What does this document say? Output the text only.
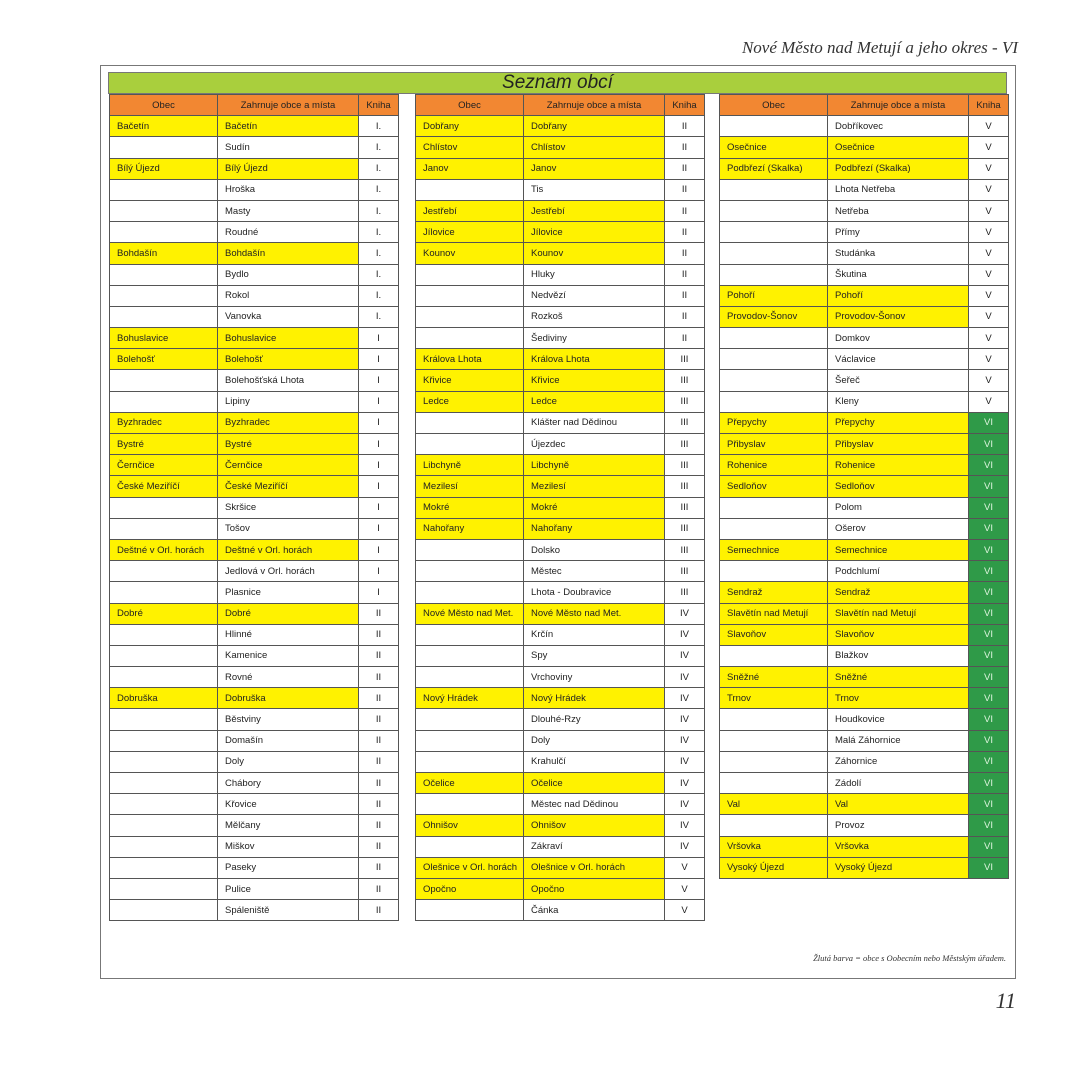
Nové Město nad Metují a jeho okres - VI
Seznam obcí
Obec	Zahrnuje obce a místa	Kniha
Bačetín	Bačetín	I.
	Sudín	I.
Bílý Újezd	Bílý Újezd	I.
	Hroška	I.
	Masty	I.
	Roudné	I.
Bohdašín	Bohdašín	I.
	Bydlo	I.
	Rokol	I.
	Vanovka	I.
Bohuslavice	Bohuslavice	I
Bolehošť	Bolehošť	I
	Bolehošťská Lhota	I
	Lipiny	I
Byzhradec	Byzhradec	I
Bystré	Bystré	I
Černčice	Černčice	I
České Meziříčí	České Meziříčí	I
	Skršice	I
	Tošov	I
Deštné v Orl. horách	Deštné v Orl. horách	I
	Jedlová v Orl. horách	I
	Plasnice	I
Dobré	Dobré	II
	Hlinné	II
	Kamenice	II
	Rovné	II
Dobruška	Dobruška	II
	Běstviny	II
	Domašín	II
	Doly	II
	Chábory	II
	Křovice	II
	Mělčany	II
	Miškov	II
	Paseky	II
	Pulice	II
	Spáleniště	II
Obec	Zahrnuje obce a místa	Kniha
Dobřany	Dobřany	II
Chlístov	Chlístov	II
Janov	Janov	II
	Tis	II
Jestřebí	Jestřebí	II
Jílovice	Jílovice	II
Kounov	Kounov	II
	Hluky	II
	Nedvězí	II
	Rozkoš	II
	Šediviny	II
Králova Lhota	Králova Lhota	III
Křivice	Křivice	III
Ledce	Ledce	III
	Klášter nad Dědinou	III
	Újezdec	III
Libchyně	Libchyně	III
Mezilesí	Mezilesí	III
Mokré	Mokré	III
Nahořany	Nahořany	III
	Dolsko	III
	Městec	III
	Lhota - Doubravice	III
Nové Město nad Met.	Nové Město nad Met.	IV
	Krčín	IV
	Spy	IV
	Vrchoviny	IV
Nový Hrádek	Nový Hrádek	IV
	Dlouhé-Rzy	IV
	Doly	IV
	Krahulčí	IV
Očelice	Očelice	IV
	Městec nad Dědinou	IV
Ohnišov	Ohnišov	IV
	Zákraví	IV
Olešnice v Orl. horách	Olešnice v Orl. horách	V
Opočno	Opočno	V
	Čánka	V
Obec	Zahrnuje obce a místa	Kniha
	Dobříkovec	V
Osečnice	Osečnice	V
Podbřezí (Skalka)	Podbřezí (Skalka)	V
	Lhota Netřeba	V
	Netřeba	V
	Přímy	V
	Studánka	V
	Škutina	V
Pohoří	Pohoří	V
Provodov-Šonov	Provodov-Šonov	V
	Domkov	V
	Václavice	V
	Šeřeč	V
	Kleny	V
Přepychy	Přepychy	VI
Přibyslav	Přibyslav	VI
Rohenice	Rohenice	VI
Sedloňov	Sedloňov	VI
	Polom	VI
	Ošerov	VI
Semechnice	Semechnice	VI
	Podchlumí	VI
Sendraž	Sendraž	VI
Slavětín nad Metují	Slavětín nad Metují	VI
Slavoňov	Slavoňov	VI
	Blažkov	VI
Sněžné	Sněžné	VI
Trnov	Trnov	VI
	Houdkovice	VI
	Malá Záhornice	VI
	Záhornice	VI
	Zádolí	VI
Val	Val	VI
	Provoz	VI
Vršovka	Vršovka	VI
Vysoký Újezd	Vysoký Újezd	VI
Žlutá barva = obce s Oobecním nebo Městským úřadem.
11
